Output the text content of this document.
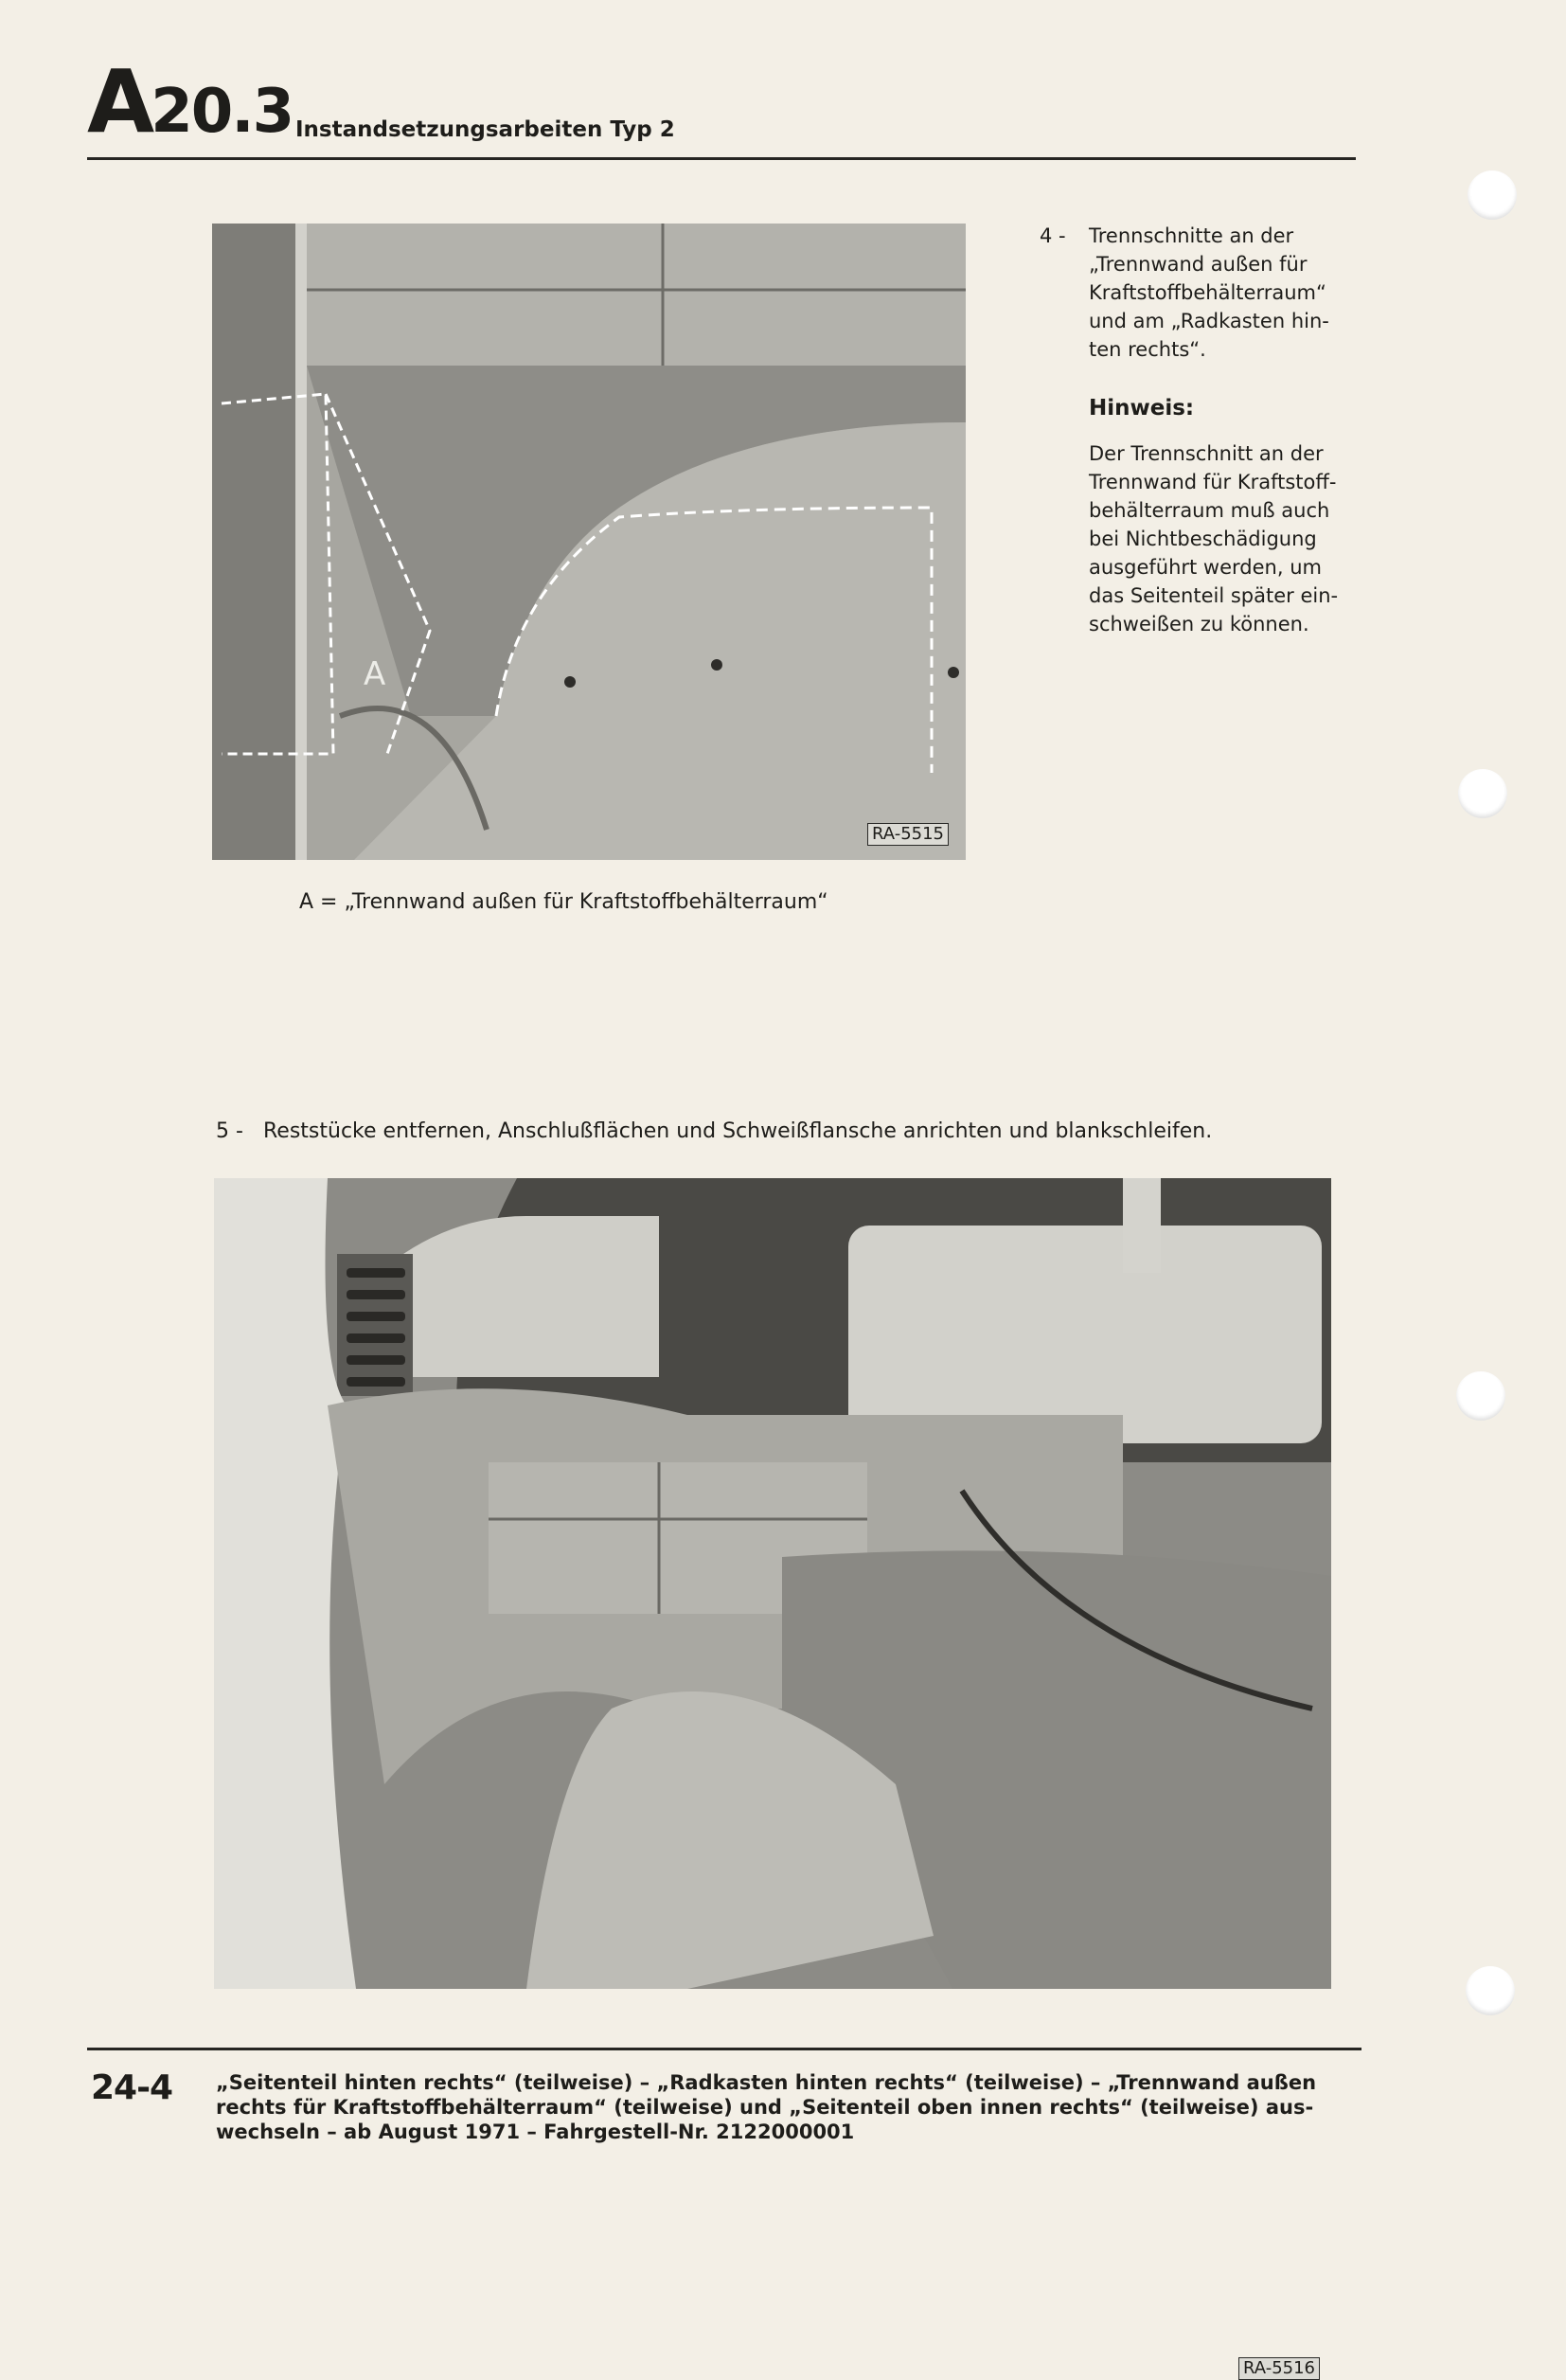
A20.3 Instandsetzungsarbeiten Typ 2
A
RA-5515
4 - Trennschnitte an der
„Trennwand außen für
Kraftstoffbehälterraum“
und am „Radkasten hin-
ten rechts“.
Hinweis:
Der Trennschnitt an der
Trennwand für Kraftstoff-
behälterraum muß auch
bei Nichtbeschädigung
ausgeführt werden, um
das Seitenteil später ein-
schweißen zu können.
A = „Trennwand außen für Kraftstoffbehälterraum“
5 - Reststücke entfernen, Anschlußflächen und Schweißflansche anrichten und blankschleifen.
RA-5516
24-4 „Seitenteil hinten rechts“ (teilweise) – „Radkasten hinten rechts“ (teilweise) – „Trennwand außen
rechts für Kraftstoffbehälterraum“ (teilweise) und „Seitenteil oben innen rechts“ (teilweise) aus-
wechseln – ab August 1971 – Fahrgestell-Nr. 2122000001
